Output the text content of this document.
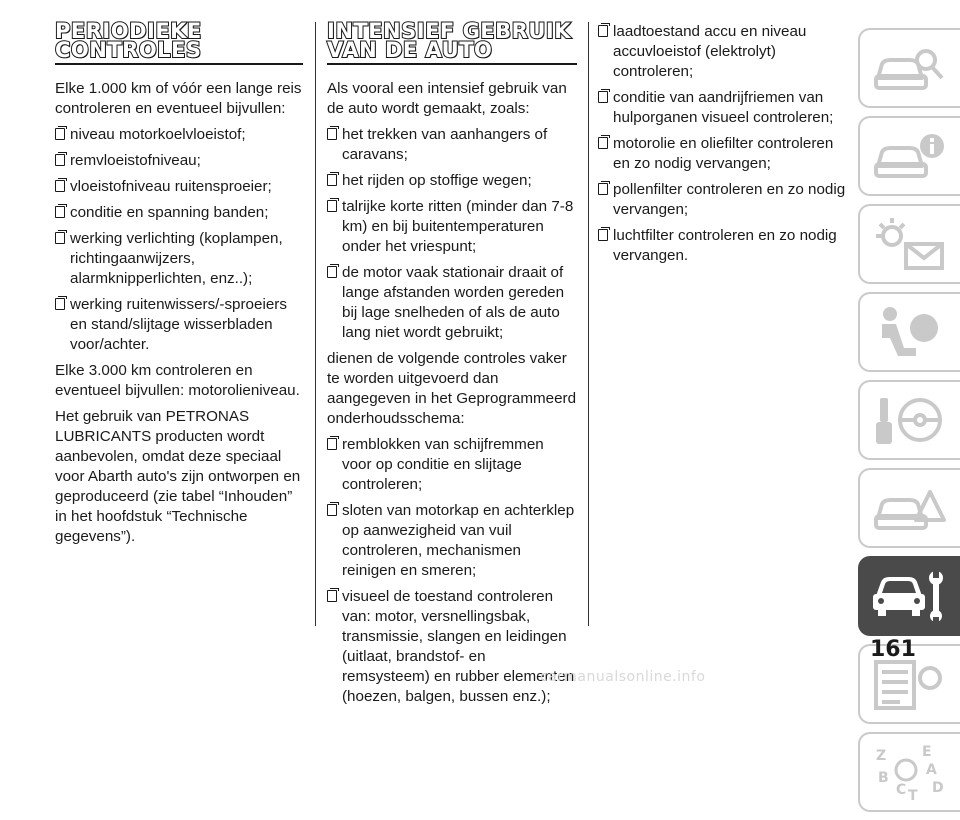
PERIODIEKE
CONTROLES

Elke 1.000 km of vóór een lange reis controleren en eventueel bijvullen:

niveau motorkoelvloeistof;
remvloeistofniveau;
vloeistofniveau ruitensproeier;
conditie en spanning banden;
werking verlichting (koplampen, richtingaanwijzers, alarmknipperlichten, enz..);
werking ruitenwissers/-sproeiers en stand/slijtage wisserbladen voor/achter.

Elke 3.000 km controleren en eventueel bijvullen: motorolieniveau.

Het gebruik van PETRONAS LUBRICANTS producten wordt aanbevolen, omdat deze speciaal voor Abarth auto's zijn ontworpen en geproduceerd (zie tabel “Inhouden” in het hoofdstuk “Technische gegevens”).

INTENSIEF GEBRUIK
VAN DE AUTO

Als vooral een intensief gebruik van de auto wordt gemaakt, zoals:

het trekken van aanhangers of caravans;
het rijden op stoffige wegen;
talrijke korte ritten (minder dan 7-8 km) en bij buitentemperaturen onder het vriespunt;
de motor vaak stationair draait of lange afstanden worden gereden bij lage snelheden of als de auto lang niet wordt gebruikt;

dienen de volgende controles vaker te worden uitgevoerd dan aangegeven in het Geprogrammeerd onderhoudsschema:

remblokken van schijfremmen voor op conditie en slijtage controleren;
sloten van motorkap en achterklep op aanwezigheid van vuil controleren, mechanismen reinigen en smeren;
visueel de toestand controleren van: motor, versnellingsbak, transmissie, slangen en leidingen (uitlaat, brandstof- en remsysteem) en rubber elementen (hoezen, balgen, bussen enz.);
laadtoestand accu en niveau accuvloeistof (elektrolyt) controleren;
conditie van aandrijfriemen van hulporganen visueel controleren;
motorolie en oliefilter controleren en zo nodig vervangen;
pollenfilter controleren en zo nodig vervangen;
luchtfilter controleren en zo nodig vervangen.
Z	E
A
B
D
C T
161
carmanualsonline.info
